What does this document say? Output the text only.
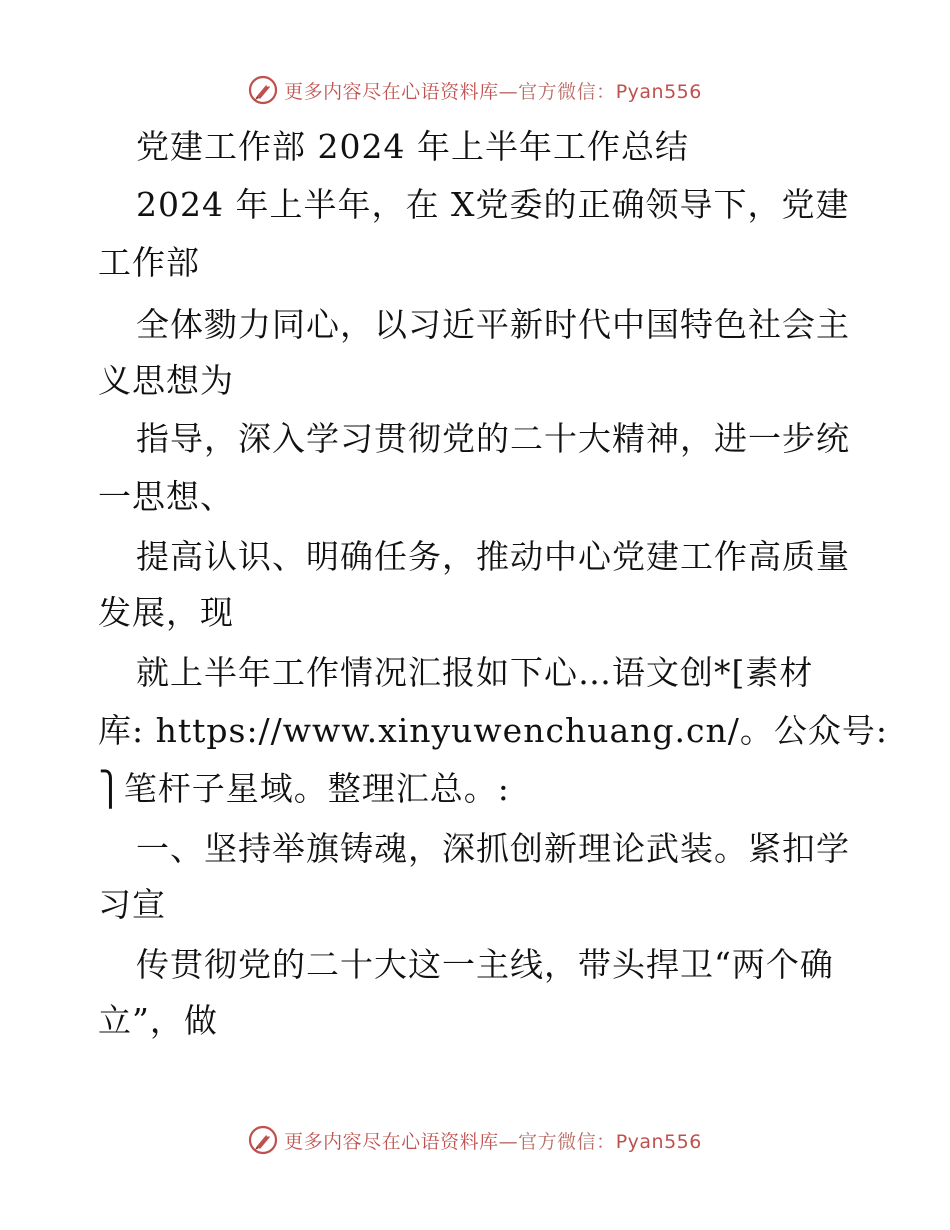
更多内容尽在心语资料库—官方微信：Pyan556
党建工作部 2024 年上半年工作总结
2024 年上半年，在 X党委的正确领导下，党建
工作部
全体勠力同心，以习近平新时代中国特色社会主
义思想为
指导，深入学习贯彻党的二十大精神，进一步统
一思想、
提高认识、明确任务，推动中心党建工作高质量
发展，现
就上半年工作情况汇报如下心…语文创*[素材
库: https://www.xinyuwenchuang.cn/。公众号:
⎫笔杆子星域。整理汇总。:
一、坚持举旗铸魂，深抓创新理论武装。紧扣学
习宣
传贯彻党的二十大这一主线，带头捍卫“两个确
立”，做
更多内容尽在心语资料库—官方微信：Pyan556
